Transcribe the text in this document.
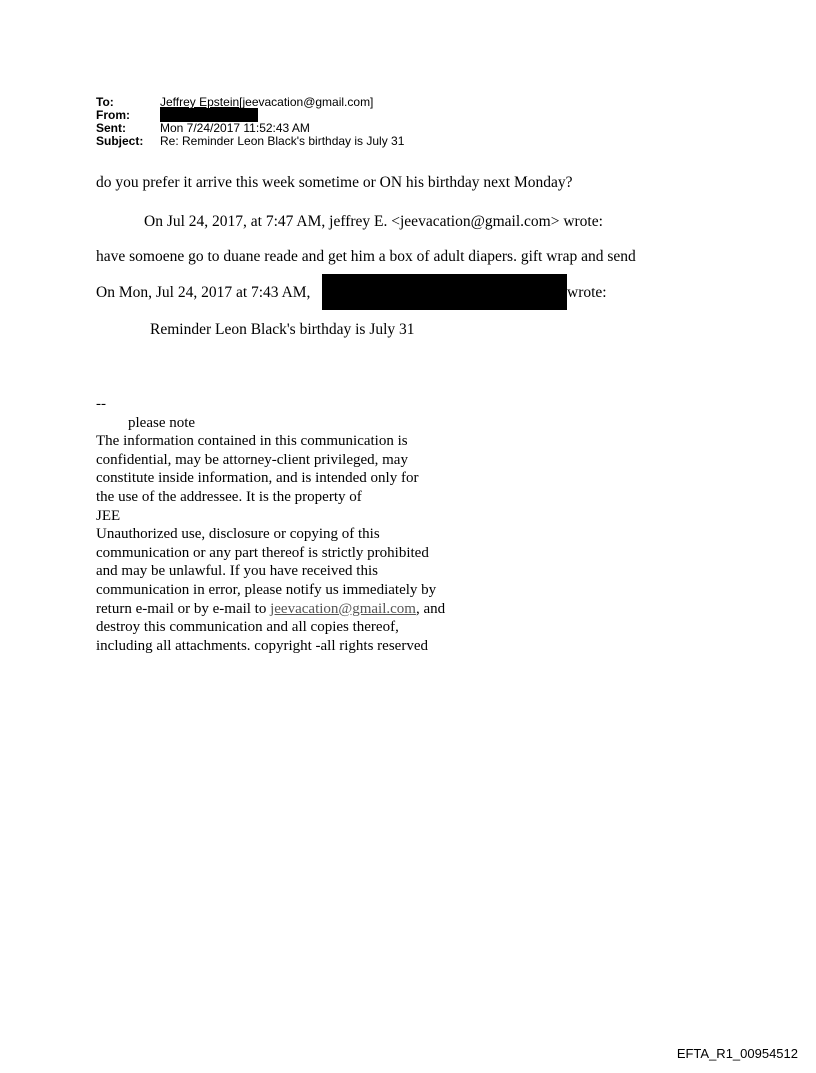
To:	Jeffrey Epstein[jeevacation@gmail.com]
From:
Sent:	Mon 7/24/2017 11:52:43 AM
Subject:	Re: Reminder Leon Black's birthday is July 31
do you prefer it arrive this week sometime or ON his birthday next Monday?
On Jul 24, 2017, at 7:47 AM, jeffrey E. <jeevacation@gmail.com> wrote:
have somoene go to duane reade and get him a box of adult diapers. gift wrap and send
On Mon, Jul 24, 2017 at 7:43 AM,	wrote:
Reminder Leon Black's birthday is July 31
--
please note
The information contained in this communication is
confidential, may be attorney-client privileged, may
constitute inside information, and is intended only for
the use of the addressee. It is the property of
JEE
Unauthorized use, disclosure or copying of this
communication or any part thereof is strictly prohibited
and may be unlawful. If you have received this
communication in error, please notify us immediately by
return e-mail or by e-mail to jeevacation@gmail.com, and
destroy this communication and all copies thereof,
including all attachments. copyright -all rights reserved
EFTA_R1_00954512
